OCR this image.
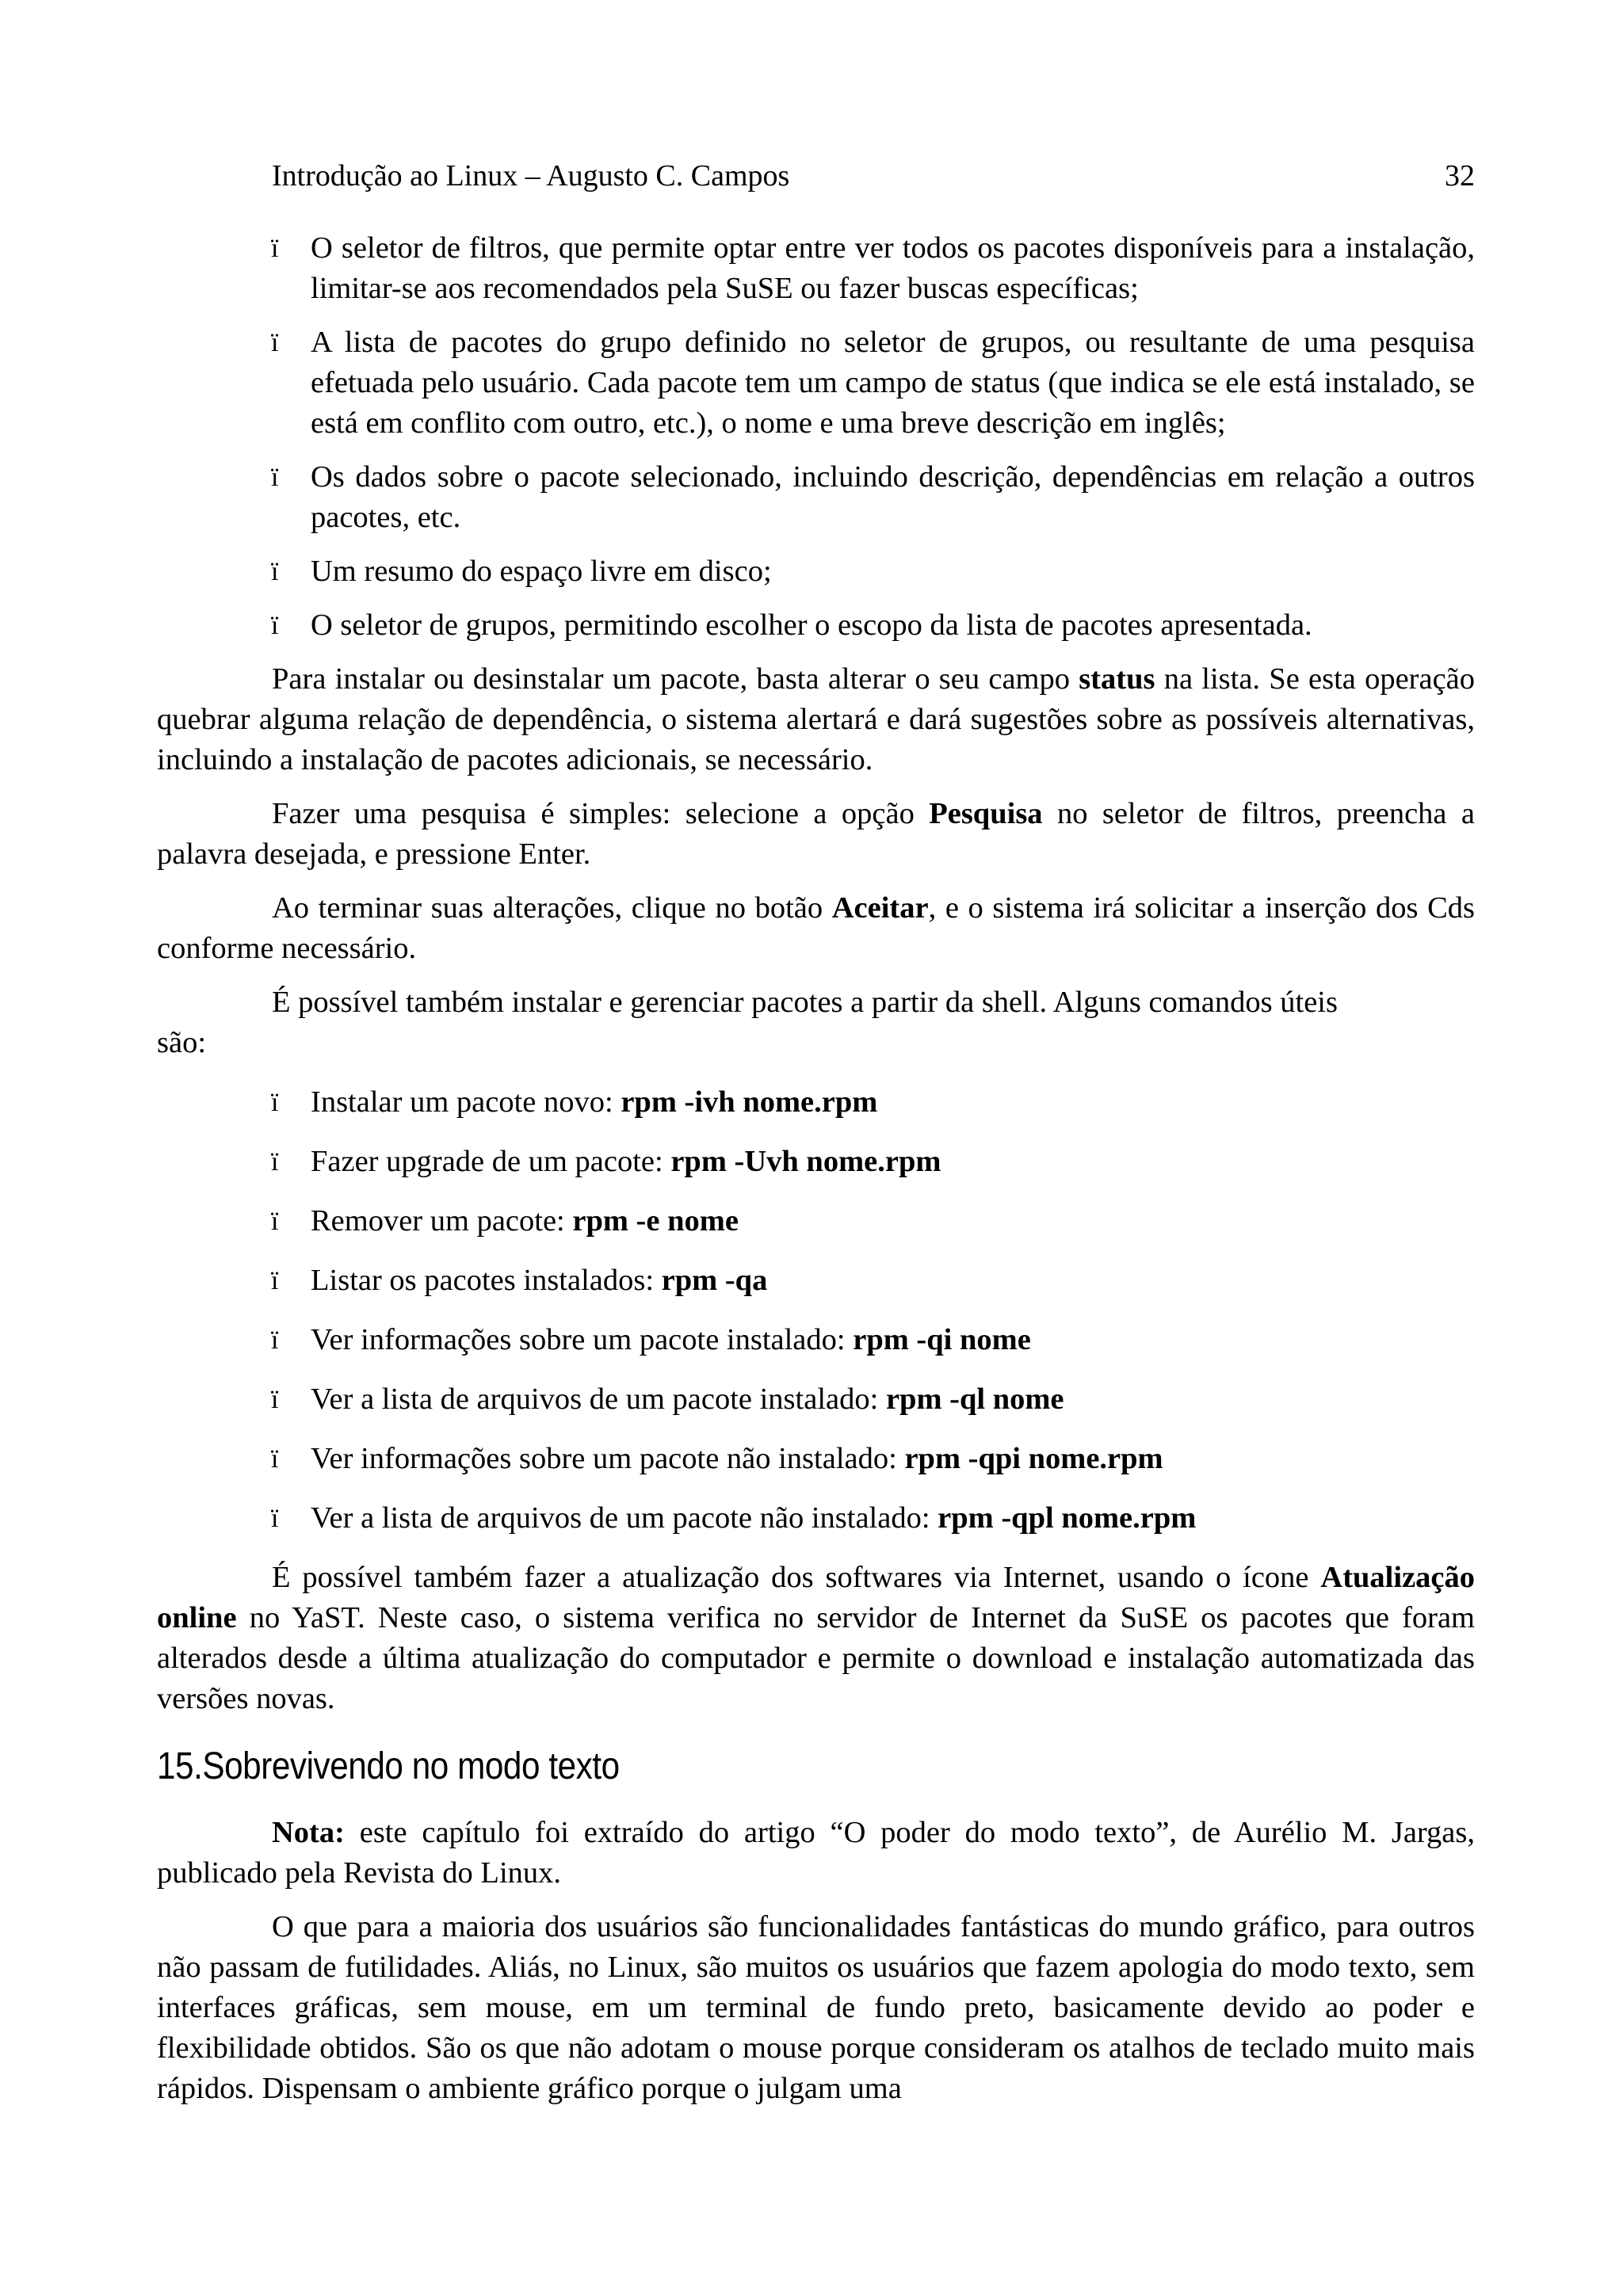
Introdução ao Linux – Augusto C. Campos	32
ï O seletor de filtros, que permite optar entre ver todos os pacotes disponíveis para a instalação, limitar-se aos recomendados pela SuSE ou fazer buscas específicas;
ï A lista de pacotes do grupo definido no seletor de grupos, ou resultante de uma pesquisa efetuada pelo usuário. Cada pacote tem um campo de status (que indica se ele está instalado, se está em conflito com outro, etc.), o nome e uma breve descrição em inglês;
ï Os dados sobre o pacote selecionado, incluindo descrição, dependências em relação a outros pacotes, etc.
ï Um resumo do espaço livre em disco;
ï O seletor de grupos, permitindo escolher o escopo da lista de pacotes apresentada.

Para instalar ou desinstalar um pacote, basta alterar o seu campo status na lista. Se esta operação quebrar alguma relação de dependência, o sistema alertará e dará sugestões sobre as possíveis alternativas, incluindo a instalação de pacotes adicionais, se necessário.

Fazer uma pesquisa é simples: selecione a opção Pesquisa no seletor de filtros, preencha a palavra desejada, e pressione Enter.

Ao terminar suas alterações, clique no botão Aceitar, e o sistema irá solicitar a inserção dos Cds conforme necessário.

É possível também instalar e gerenciar pacotes a partir da shell. Alguns comandos úteis
são:

ï Instalar um pacote novo: rpm -ivh nome.rpm
ï Fazer upgrade de um pacote: rpm -Uvh nome.rpm
ï Remover um pacote: rpm -e nome
ï Listar os pacotes instalados: rpm -qa
ï Ver informações sobre um pacote instalado: rpm -qi nome
ï Ver a lista de arquivos de um pacote instalado: rpm -ql nome
ï Ver informações sobre um pacote não instalado: rpm -qpi nome.rpm
ï Ver a lista de arquivos de um pacote não instalado: rpm -qpl nome.rpm

É possível também fazer a atualização dos softwares via Internet, usando o ícone Atualização online no YaST. Neste caso, o sistema verifica no servidor de Internet da SuSE os pacotes que foram alterados desde a última atualização do computador e permite o download e instalação automatizada das versões novas.

15.Sobrevivendo no modo texto

Nota: este capítulo foi extraído do artigo “O poder do modo texto”, de Aurélio M. Jargas, publicado pela Revista do Linux.

O que para a maioria dos usuários são funcionalidades fantásticas do mundo gráfico, para outros não passam de futilidades. Aliás, no Linux, são muitos os usuários que fazem apologia do modo texto, sem interfaces gráficas, sem mouse, em um terminal de fundo preto, basicamente devido ao poder e flexibilidade obtidos. São os que não adotam o mouse porque consideram os atalhos de teclado muito mais rápidos. Dispensam o ambiente gráfico porque o julgam uma
